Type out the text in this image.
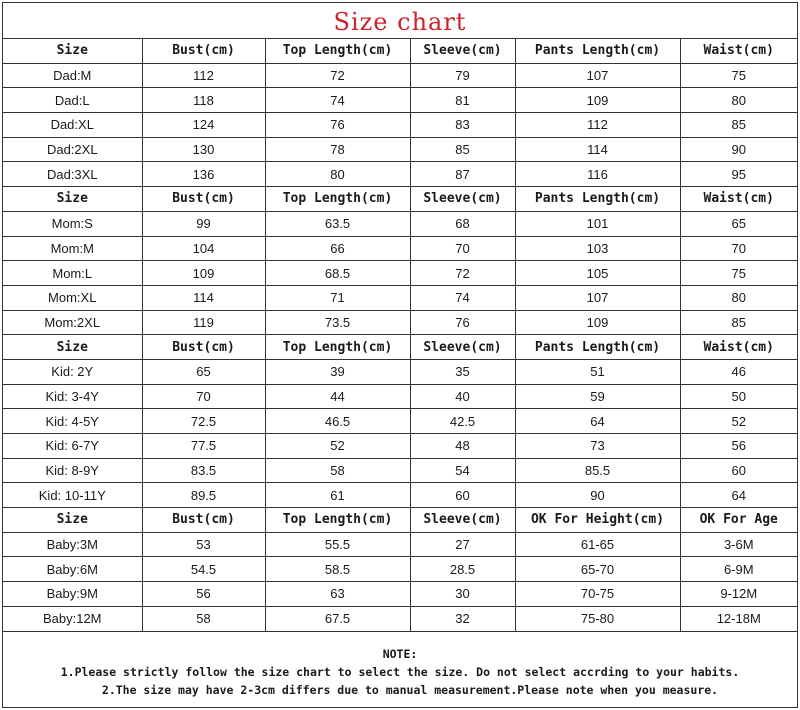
Size chart
Size	Bust(cm)	Top Length(cm)	Sleeve(cm)	Pants Length(cm)	Waist(cm)
Dad:M	112	72	79	107	75
Dad:L	118	74	81	109	80
Dad:XL	124	76	83	112	85
Dad:2XL	130	78	85	114	90
Dad:3XL	136	80	87	116	95
Size	Bust(cm)	Top Length(cm)	Sleeve(cm)	Pants Length(cm)	Waist(cm)
Mom:S	99	63.5	68	101	65
Mom:M	104	66	70	103	70
Mom:L	109	68.5	72	105	75
Mom:XL	114	71	74	107	80
Mom:2XL	119	73.5	76	109	85
Size	Bust(cm)	Top Length(cm)	Sleeve(cm)	Pants Length(cm)	Waist(cm)
Kid: 2Y	65	39	35	51	46
Kid: 3-4Y	70	44	40	59	50
Kid: 4-5Y	72.5	46.5	42.5	64	52
Kid: 6-7Y	77.5	52	48	73	56
Kid: 8-9Y	83.5	58	54	85.5	60
Kid: 10-11Y	89.5	61	60	90	64
Size	Bust(cm)	Top Length(cm)	Sleeve(cm)	OK For Height(cm)	OK For Age
Baby:3M	53	55.5	27	61-65	3-6M
Baby:6M	54.5	58.5	28.5	65-70	6-9M
Baby:9M	56	63	30	70-75	9-12M
Baby:12M	58	67.5	32	75-80	12-18M
NOTE:
1.Please strictly follow the size chart to select the size. Do not select accrding to your habits.
2.The size may have 2-3cm differs due to manual measurement.Please note when you measure.
